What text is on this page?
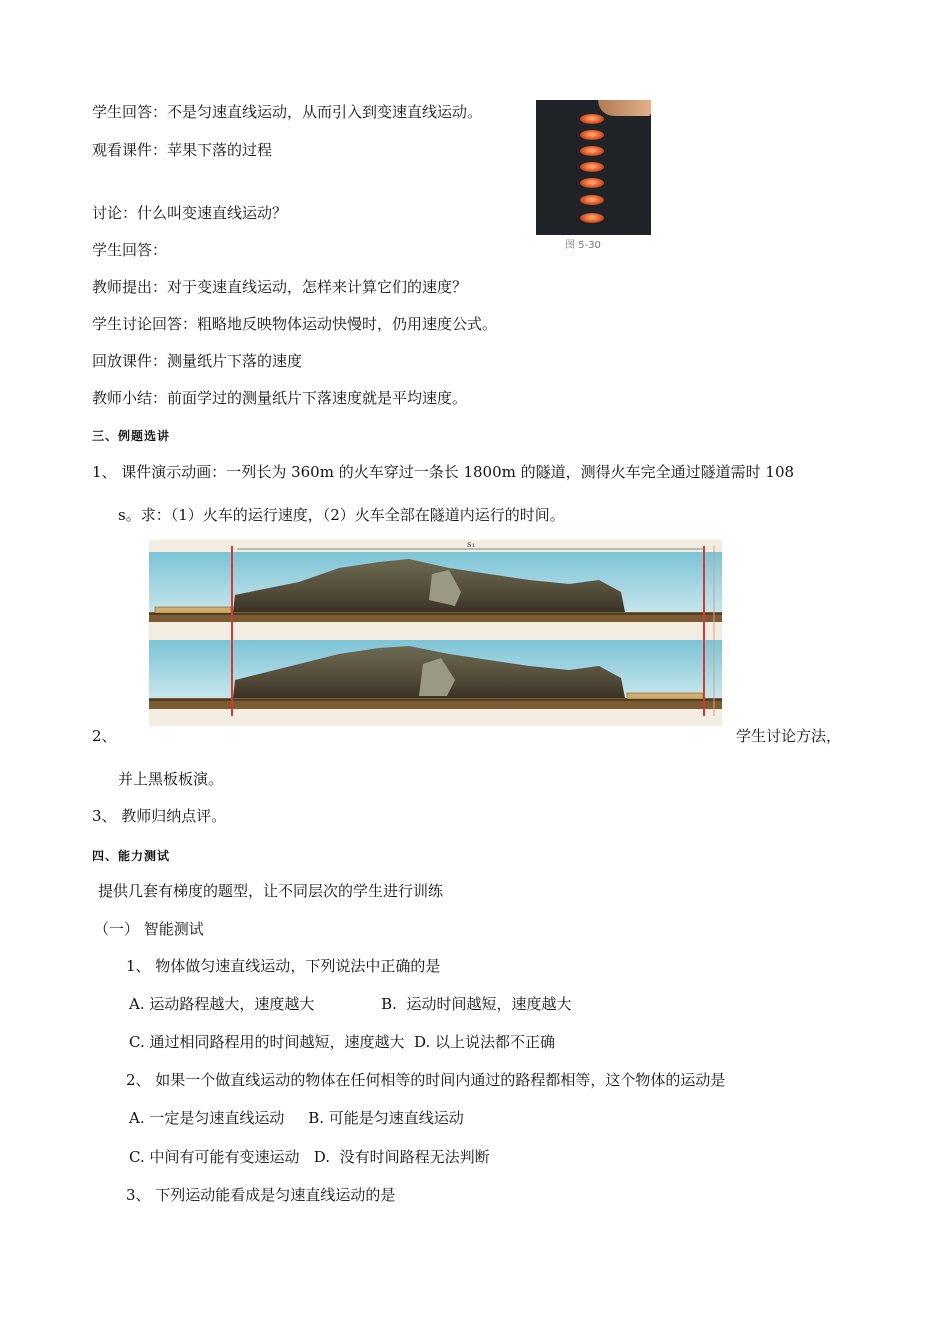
学生回答：不是匀速直线运动，从而引入到变速直线运动。
观看课件：苹果下落的过程
讨论：什么叫变速直线运动？
学生回答：
教师提出：对于变速直线运动，怎样来计算它们的速度？
学生讨论回答：粗略地反映物体运动快慢时，仍用速度公式。
回放课件：测量纸片下落的速度
教师小结：前面学过的测量纸片下落速度就是平均速度。
图 5-30
三、例题选讲
1、 课件演示动画：一列长为 360m 的火车穿过一条长 1800m 的隧道，测得火车完全通过隧道需时 108
s。求：（1）火车的运行速度，（2）火车全部在隧道内运行的时间。
s₁
2、	学生讨论方法，
并上黑板板演。
3、 教师归纳点评。
四、能力测试
提供几套有梯度的题型，让不同层次的学生进行训练
（一） 智能测试
1、 物体做匀速直线运动，下列说法中正确的是
A. 运动路程越大，速度越大              B.  运动时间越短，速度越大
C. 通过相同路程用的时间越短，速度越大  D. 以上说法都不正确
2、 如果一个做直线运动的物体在任何相等的时间内通过的路程都相等，这个物体的运动是
A. 一定是匀速直线运动     B. 可能是匀速直线运动
C. 中间有可能有变速运动   D.  没有时间路程无法判断
3、 下列运动能看成是匀速直线运动的是
